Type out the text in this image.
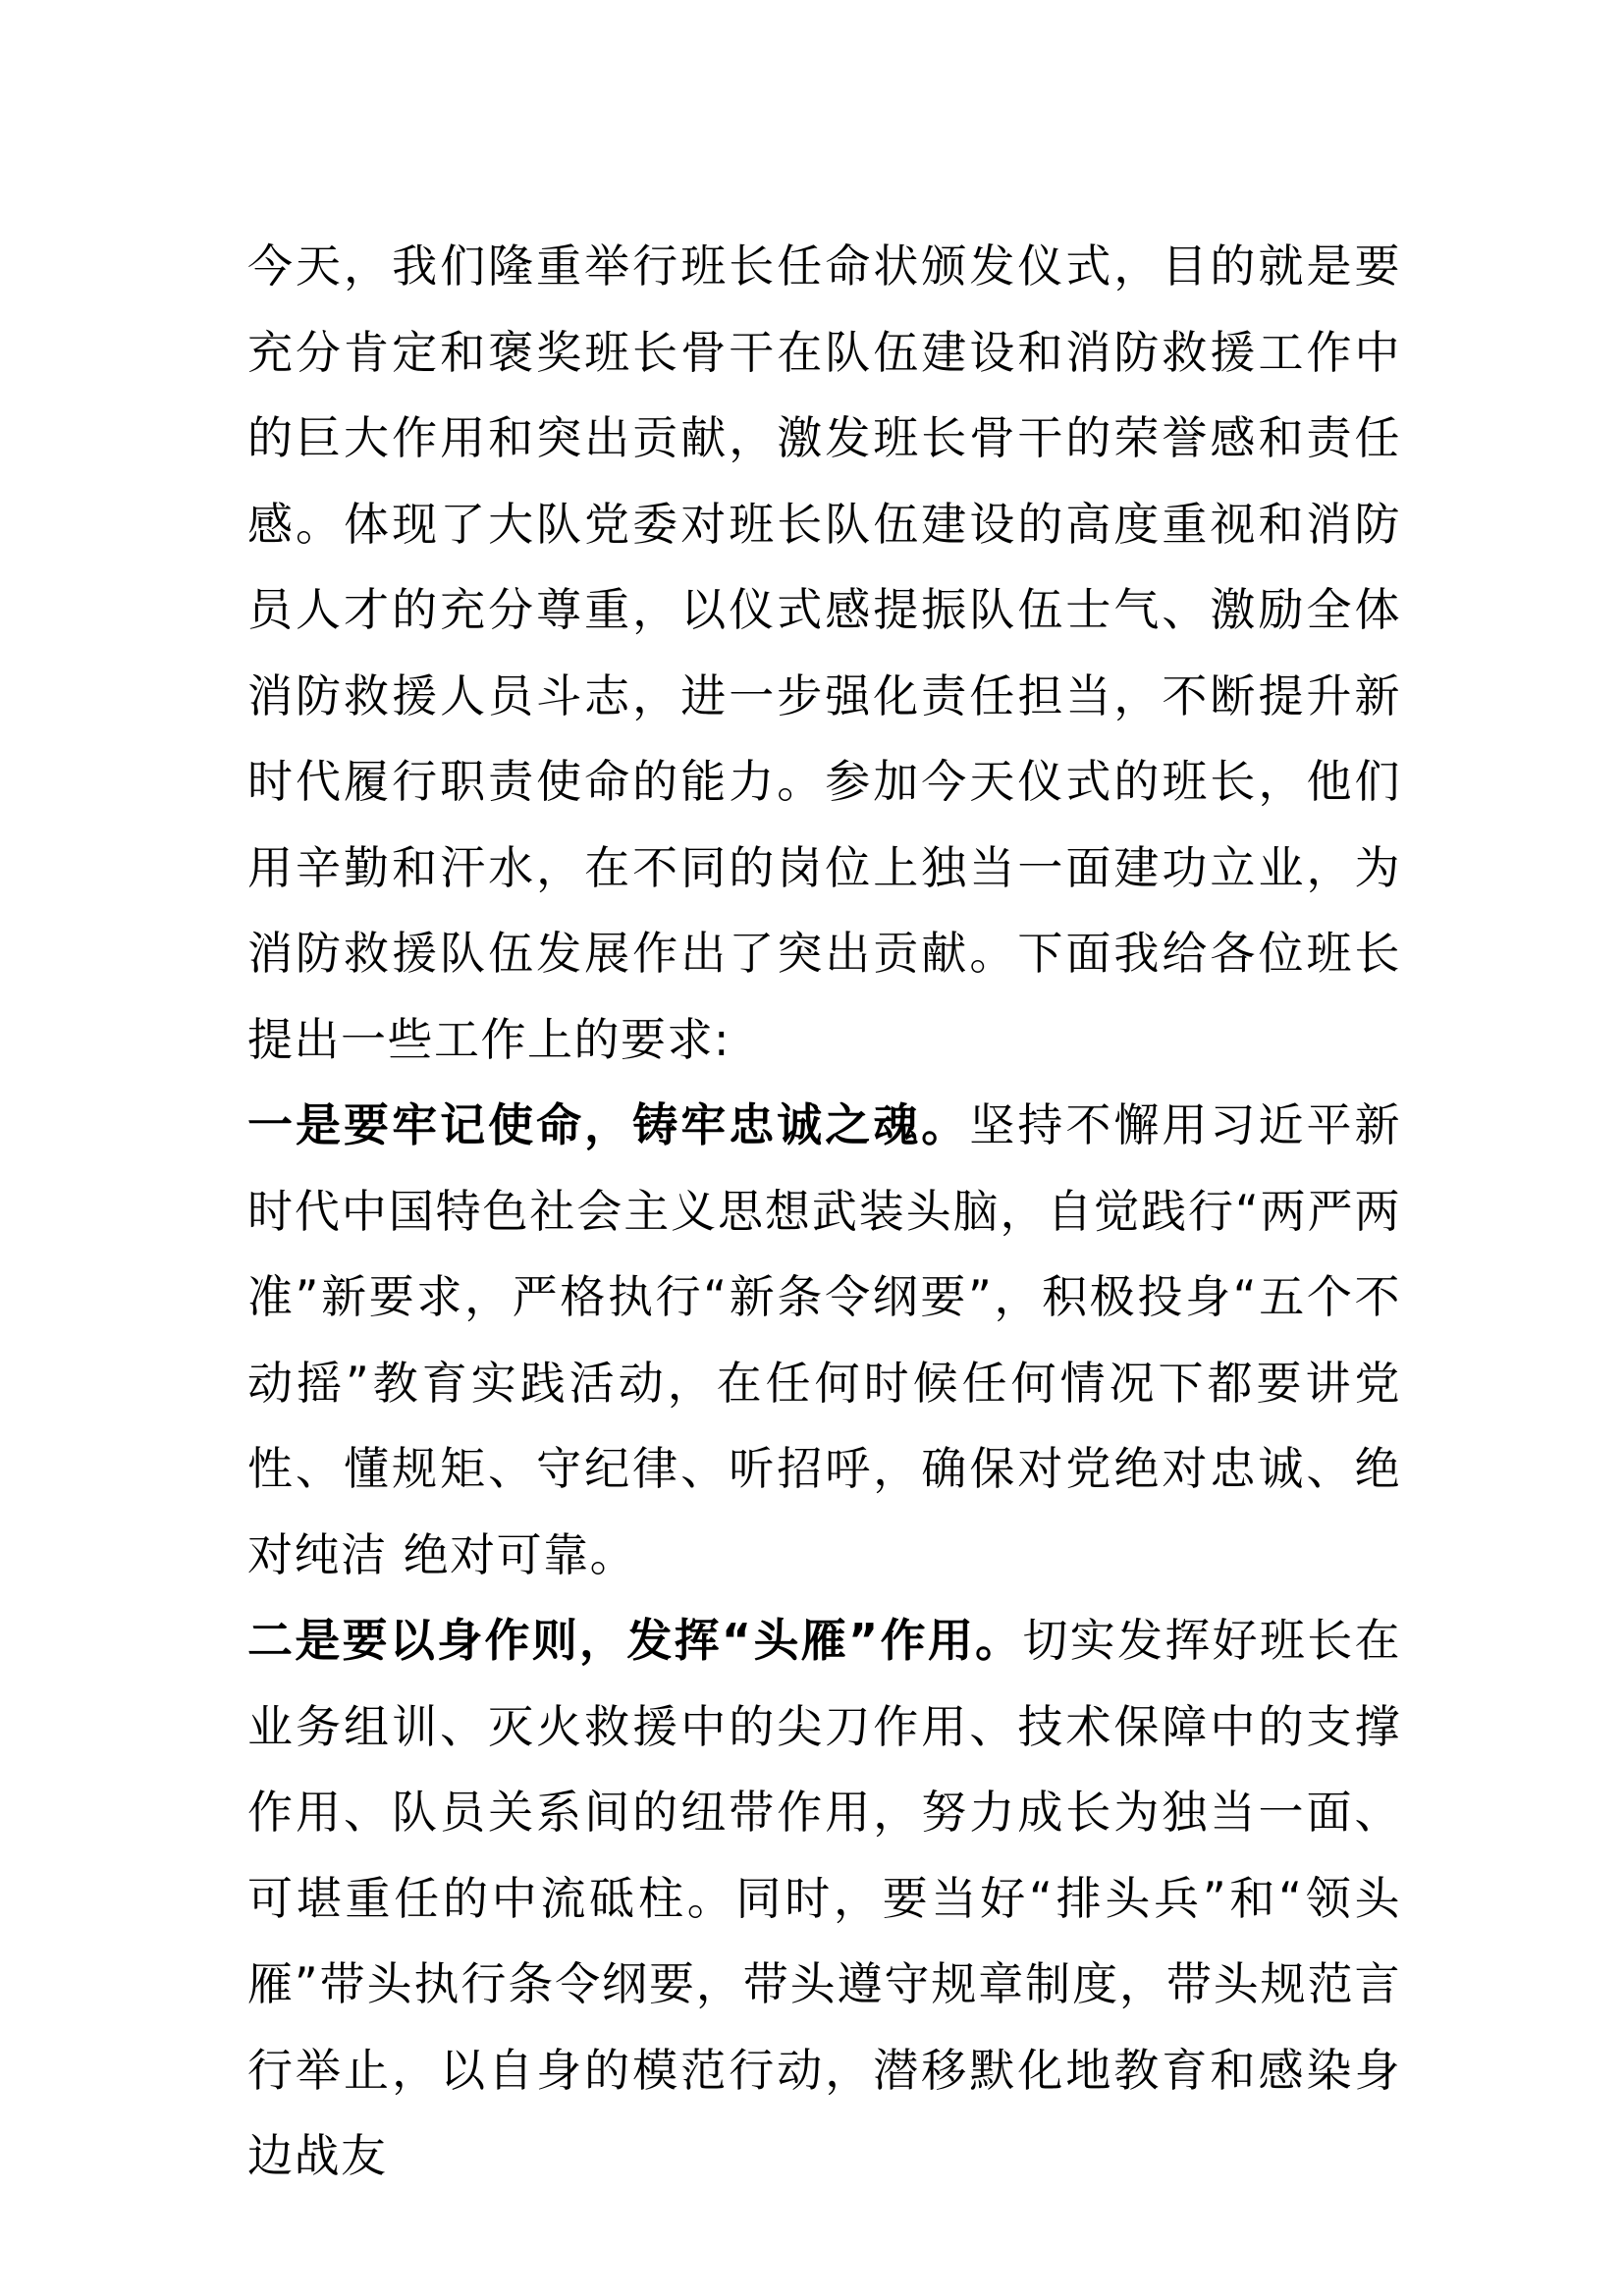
今天，我们隆重举行班长任命状颁发仪式，目的就是要充分肯定和褒奖班长骨干在队伍建设和消防救援工作中的巨大作用和突出贡献，激发班长骨干的荣誉感和责任感。体现了大队党委对班长队伍建设的高度重视和消防员人才的充分尊重，以仪式感提振队伍士气、激励全体消防救援人员斗志，进一步强化责任担当，不断提升新时代履行职责使命的能力。参加今天仪式的班长，他们用辛勤和汗水，在不同的岗位上独当一面建功立业，为消防救援队伍发展作出了突出贡献。下面我给各位班长提出一些工作上的要求:

一是要牢记使命，铸牢忠诚之魂。坚持不懈用习近平新时代中国特色社会主义思想武装头脑，自觉践行“两严两准”新要求，严格执行“新条令纲要”，积极投身“五个不动摇”教育实践活动，在任何时候任何情况下都要讲党性、懂规矩、守纪律、听招呼，确保对党绝对忠诚、绝对纯洁 绝对可靠。

二是要以身作则，发挥“头雁”作用。切实发挥好班长在业务组训、灭火救援中的尖刀作用、技术保障中的支撑作用、队员关系间的纽带作用，努力成长为独当一面、可堪重任的中流砥柱。同时，要当好“排头兵”和“领头雁”带头执行条令纲要，带头遵守规章制度，带头规范言行举止，以自身的模范行动，潜移默化地教育和感染身边战友
